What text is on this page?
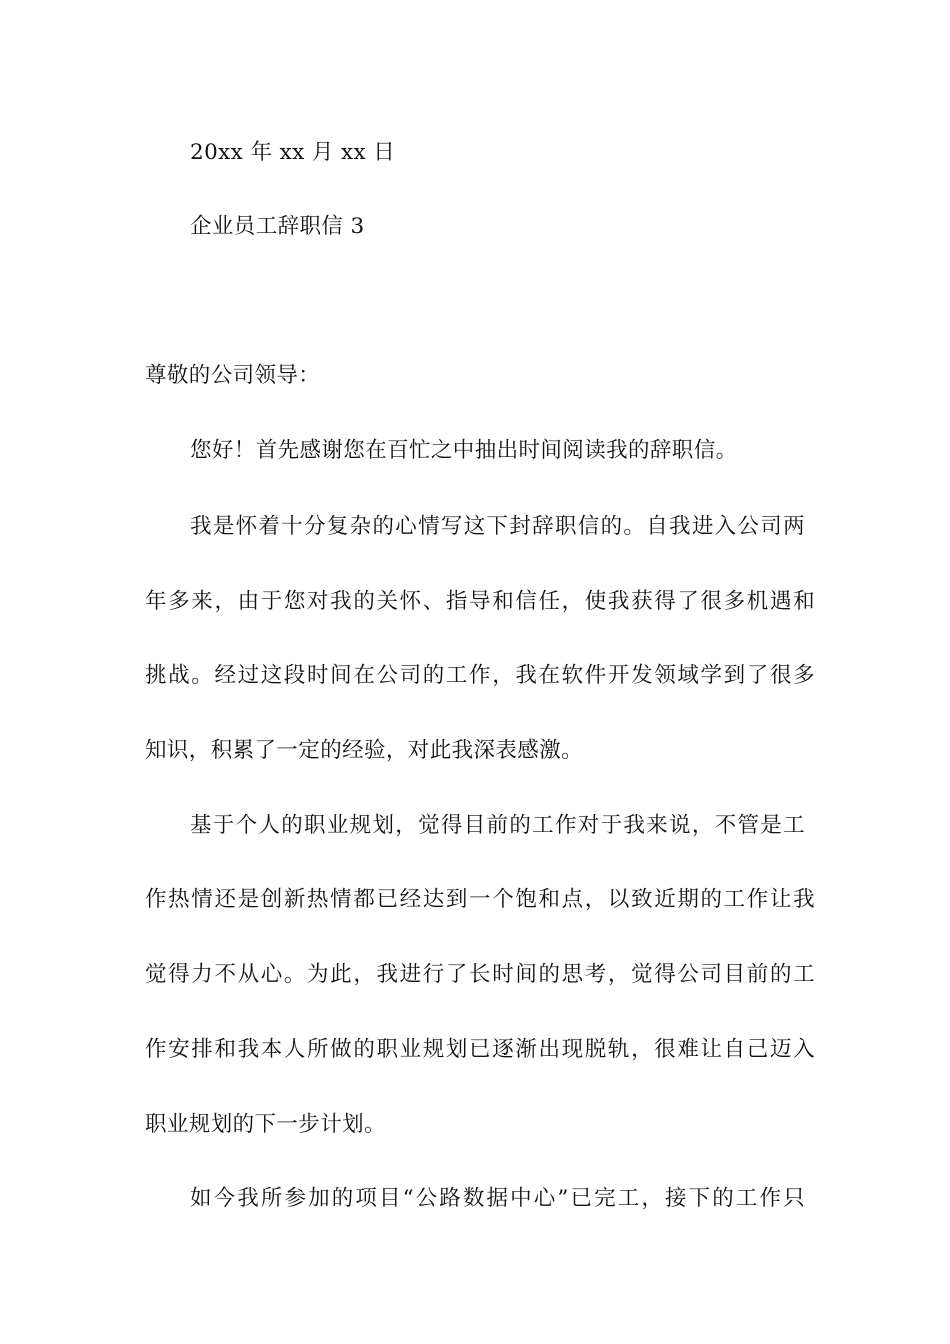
20xx 年 xx 月 xx 日
企业员工辞职信 3
尊敬的公司领导：
您好！首先感谢您在百忙之中抽出时间阅读我的辞职信。
我是怀着十分复杂的心情写这下封辞职信的。自我进入公司两
年多来，由于您对我的关怀、指导和信任，使我获得了很多机遇和
挑战。经过这段时间在公司的工作，我在软件开发领域学到了很多
知识，积累了一定的经验，对此我深表感激。
基于个人的职业规划，觉得目前的工作对于我来说，不管是工
作热情还是创新热情都已经达到一个饱和点，以致近期的工作让我
觉得力不从心。为此，我进行了长时间的思考，觉得公司目前的工
作安排和我本人所做的职业规划已逐渐出现脱轨，很难让自己迈入
职业规划的下一步计划。
如今我所参加的项目“公路数据中心”已完工，接下的工作只
